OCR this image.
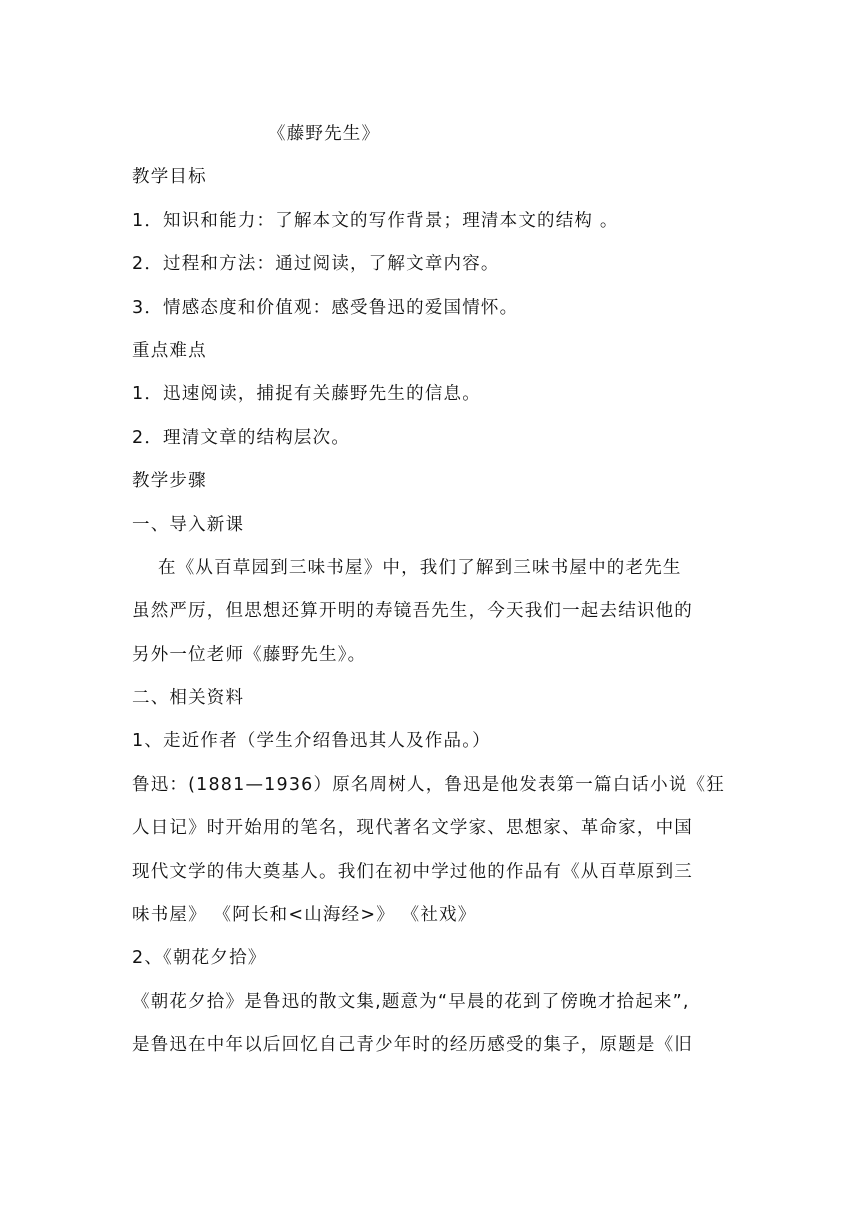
《藤野先生》
教学目标
1．知识和能力：了解本文的写作背景；理清本文的结构 。
2．过程和方法：通过阅读，了解文章内容。
3．情感态度和价值观：感受鲁迅的爱国情怀。
重点难点
1．迅速阅读，捕捉有关藤野先生的信息。
2．理清文章的结构层次。
教学步骤
一、导入新课
在《从百草园到三味书屋》中，我们了解到三味书屋中的老先生
虽然严厉，但思想还算开明的寿镜吾先生，今天我们一起去结识他的
另外一位老师《藤野先生》。
二、相关资料
1、走近作者（学生介绍鲁迅其人及作品。）
鲁迅：(1881—1936）原名周树人，鲁迅是他发表第一篇白话小说《狂
人日记》时开始用的笔名，现代著名文学家、思想家、革命家，中国
现代文学的伟大奠基人。我们在初中学过他的作品有《从百草原到三
味书屋》 《阿长和<山海经>》 《社戏》
2、《朝花夕拾》
《朝花夕拾》是鲁迅的散文集,题意为“早晨的花到了傍晚才拾起来”,
是鲁迅在中年以后回忆自己青少年时的经历感受的集子，原题是《旧
